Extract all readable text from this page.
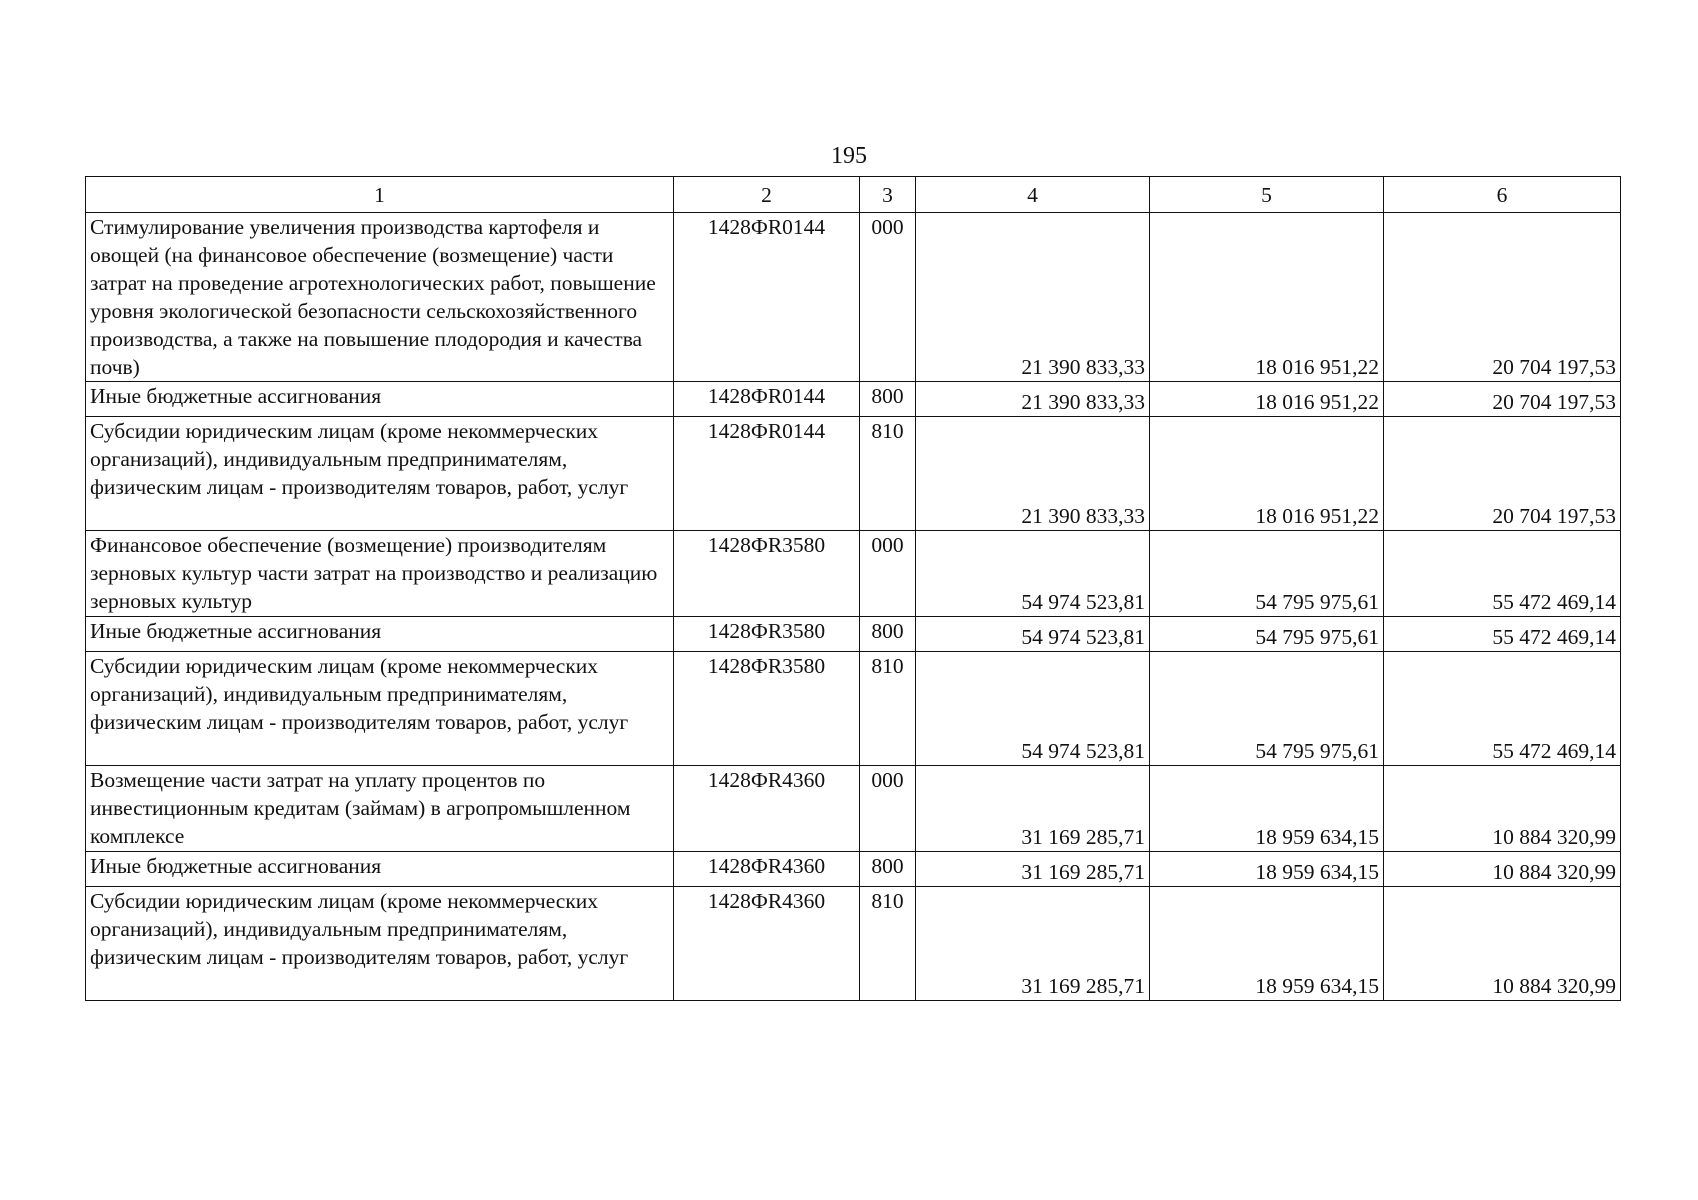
195
1	2	3	4	5	6
Стимулирование увеличения производства картофеля и овощей (на финансовое обеспечение (возмещение) части затрат на проведение агротехнологических работ, повышение уровня экологической безопасности сельскохозяйственного производства, а также на повышение плодородия и качества почв)	1428ФR0144	000	21 390 833,33	18 016 951,22	20 704 197,53
Иные бюджетные ассигнования	1428ФR0144	800	21 390 833,33	18 016 951,22	20 704 197,53
Субсидии юридическим лицам (кроме некоммерческих организаций), индивидуальным предпринимателям, физическим лицам - производителям товаров, работ, услуг	1428ФR0144	810	21 390 833,33	18 016 951,22	20 704 197,53
Финансовое обеспечение (возмещение) производителям зерновых культур части затрат на производство и реализацию зерновых культур	1428ФR3580	000	54 974 523,81	54 795 975,61	55 472 469,14
Иные бюджетные ассигнования	1428ФR3580	800	54 974 523,81	54 795 975,61	55 472 469,14
Субсидии юридическим лицам (кроме некоммерческих организаций), индивидуальным предпринимателям, физическим лицам - производителям товаров, работ, услуг	1428ФR3580	810	54 974 523,81	54 795 975,61	55 472 469,14
Возмещение части затрат на уплату процентов по инвестиционным кредитам (займам) в агропромышленном комплексе	1428ФR4360	000	31 169 285,71	18 959 634,15	10 884 320,99
Иные бюджетные ассигнования	1428ФR4360	800	31 169 285,71	18 959 634,15	10 884 320,99
Субсидии юридическим лицам (кроме некоммерческих организаций), индивидуальным предпринимателям, физическим лицам - производителям товаров, работ, услуг	1428ФR4360	810	31 169 285,71	18 959 634,15	10 884 320,99
